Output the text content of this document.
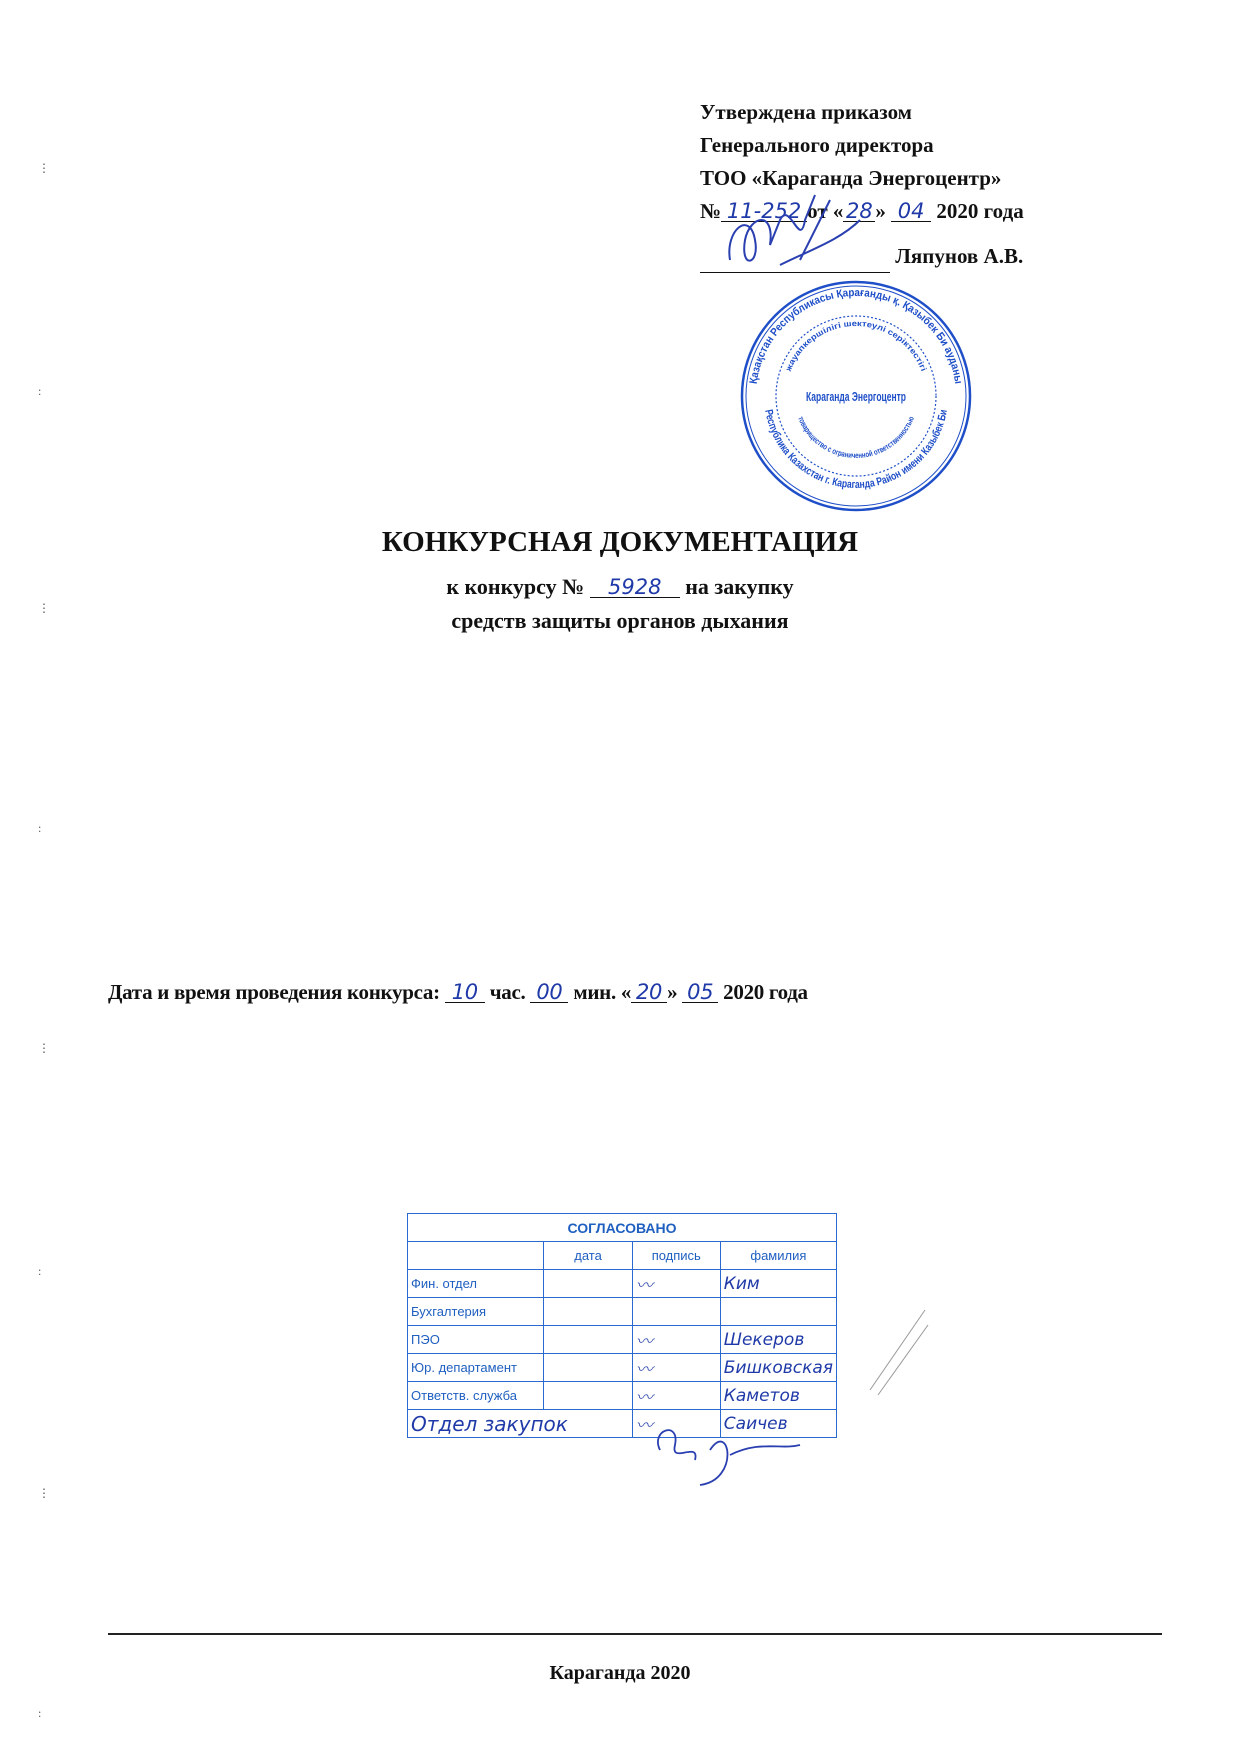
⋮
:
⋮
:
⋮
:
⋮
:
Утверждена приказом
Генерального директора
ТОО «Караганда Энергоцентр»
№ 11-252 от « 28 » 04 2020 года
Ляпунов А.В.
Қазақстан Республикасы Қарағанды қ. Қазыбек Би ауданы
Республика Казахстан г. Караганда Район имени Казыбек Би
жауапкершілігі шектеулі серіктестігі
товарищество с ограниченной ответственностью
Караганда Энергоцентр
КОНКУРСНАЯ ДОКУМЕНТАЦИЯ
к конкурсу № 5928 на закупку
средств защиты органов дыхания
Дата и время проведения конкурса: 10 час. 00 мин. « 20 » 05 2020 года
СОГЛАСОВАНО			
	дата	подпись	фамилия
Фин. отдел		〰	Ким
Бухгалтерия			
ПЭО		〰	Шекеров
Юр. департамент		〰	Бишковская
Ответств. служба		〰	Каметов
Отдел закупок		〰	Саичев
Караганда 2020
